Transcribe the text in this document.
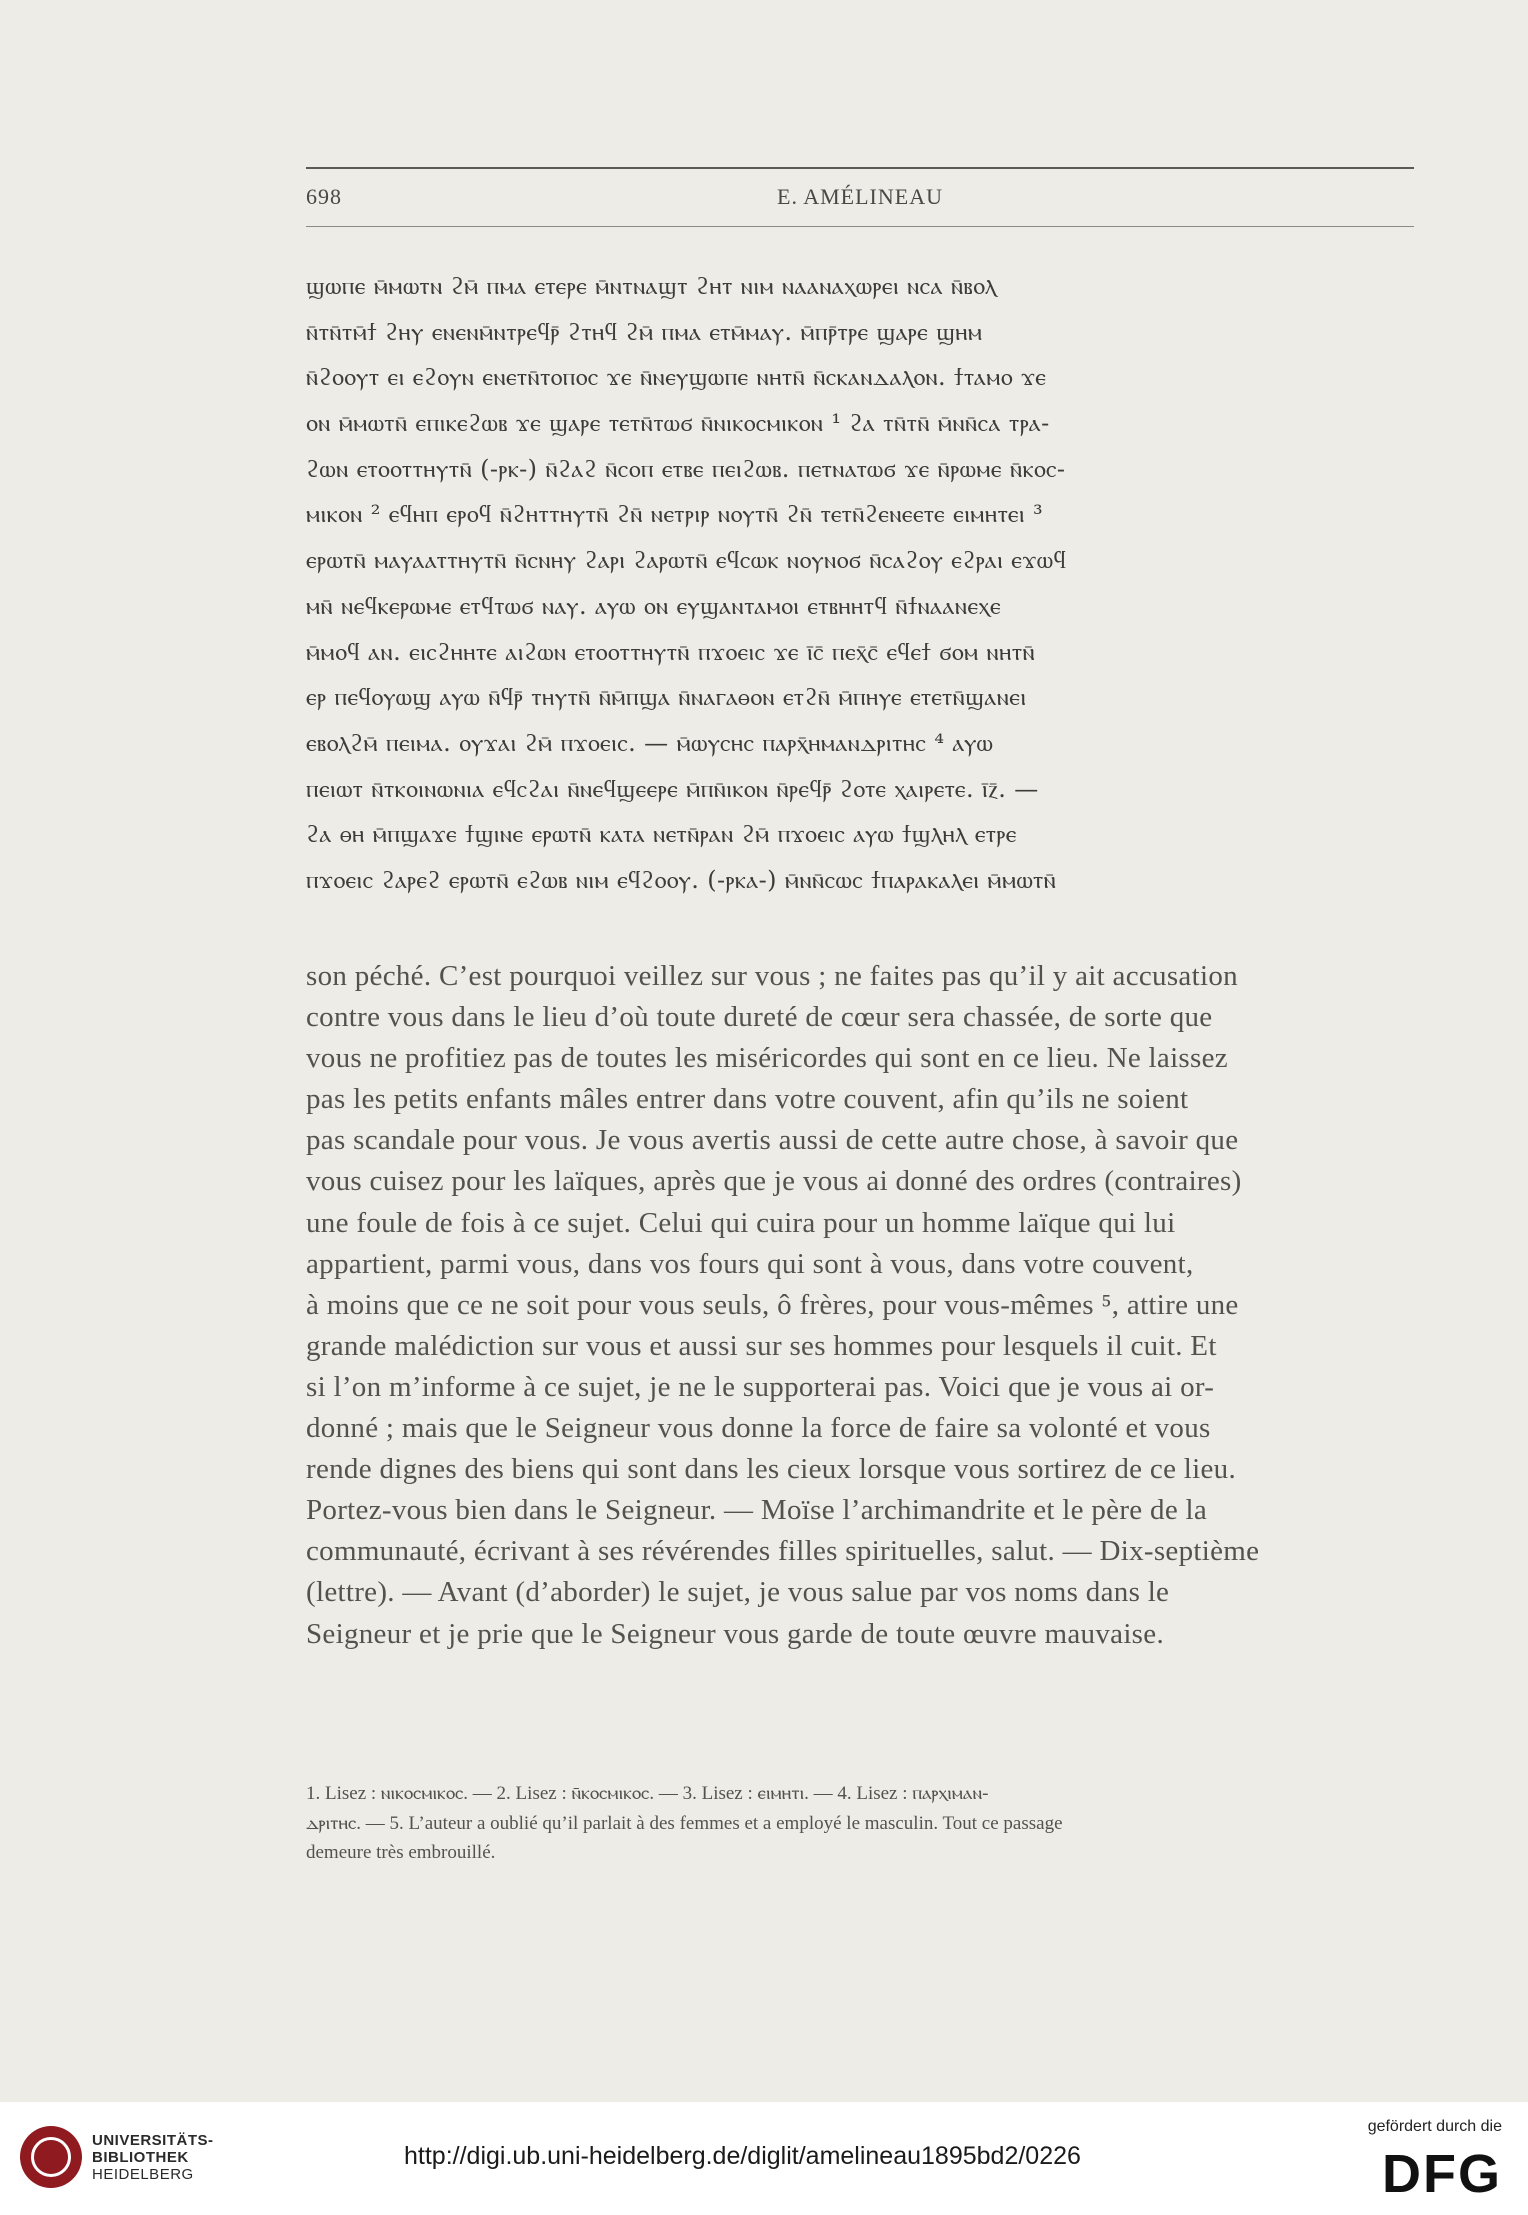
698	E. AMÉLINEAU
ϣⲱⲡⲉ ⲙ̄ⲙⲱⲧⲛ ϩⲙ̄ ⲡⲙⲁ ⲉⲧⲉⲣⲉ ⲙ̄ⲛⲧⲛⲁϣⲧ ϩⲏⲧ ⲛⲓⲙ ⲛⲁⲁⲛⲁⲭⲱⲣⲉⲓ ⲛⲥⲁ ⲛ̄ⲃⲟⲗ
ⲛ̄ⲧⲛ̄ⲧⲙ̄ϯ ϩⲏⲩ ⲉⲛⲉⲛⲙ̄ⲛⲧⲣⲉϥⲣ̄ ϩⲧⲏϥ ϩⲙ̄ ⲡⲙⲁ ⲉⲧⲙ̄ⲙⲁⲩ. ⲙ̄ⲡⲣ̄ⲧⲣⲉ ϣⲁⲣⲉ ϣⲏⲙ
ⲛ̄ϩⲟⲟⲩⲧ ⲉⲓ ⲉϩⲟⲩⲛ ⲉⲛⲉⲧⲛ̄ⲧⲟⲡⲟⲥ ϫⲉ ⲛ̄ⲛⲉⲩϣⲱⲡⲉ ⲛⲏⲧⲛ̄ ⲛ̄ⲥⲕⲁⲛⲇⲁⲗⲟⲛ. ϯⲧⲁⲙⲟ ϫⲉ
ⲟⲛ ⲙ̄ⲙⲱⲧⲛ̄ ⲉⲡⲓⲕⲉϩⲱⲃ ϫⲉ ϣⲁⲣⲉ ⲧⲉⲧⲛ̄ⲧⲱϭ ⲛ̄ⲛⲓⲕⲟⲥⲙⲓⲕⲟⲛ ¹ ϩⲁ ⲧⲛ̄ⲧⲛ̄ ⲙ̄ⲛⲛ̄ⲥⲁ ⲧⲣⲁ-
ϩⲱⲛ ⲉⲧⲟⲟⲧⲧⲏⲩⲧⲛ̄ (-ⲣⲕ-) ⲛ̄ϩⲁϩ ⲛ̄ⲥⲟⲡ ⲉⲧⲃⲉ ⲡⲉⲓϩⲱⲃ. ⲡⲉⲧⲛⲁⲧⲱϭ ϫⲉ ⲛ̄ⲣⲱⲙⲉ ⲛ̄ⲕⲟⲥ-
ⲙⲓⲕⲟⲛ ² ⲉϥⲏⲡ ⲉⲣⲟϥ ⲛ̄ϩⲏⲧⲧⲏⲩⲧⲛ̄ ϩⲛ̄ ⲛⲉⲧⲣⲓⲣ ⲛⲟⲩⲧⲛ̄ ϩⲛ̄ ⲧⲉⲧⲛ̄ϩⲉⲛⲉⲉⲧⲉ ⲉⲓⲙⲏⲧⲉⲓ ³
ⲉⲣⲱⲧⲛ̄ ⲙⲁⲩⲁⲁⲧⲧⲏⲩⲧⲛ̄ ⲛ̄ⲥⲛⲏⲩ ϩⲁⲣⲓ ϩⲁⲣⲱⲧⲛ̄ ⲉϥⲥⲱⲕ ⲛⲟⲩⲛⲟϭ ⲛ̄ⲥⲁϩⲟⲩ ⲉϩⲣⲁⲓ ⲉϫⲱϥ
ⲙⲛ̄ ⲛⲉϥⲕⲉⲣⲱⲙⲉ ⲉⲧϥⲧⲱϭ ⲛⲁⲩ. ⲁⲩⲱ ⲟⲛ ⲉⲩϣⲁⲛⲧⲁⲙⲟⲓ ⲉⲧⲃⲏⲏⲧϥ ⲛ̄ϯⲛⲁⲁⲛⲉⲭⲉ
ⲙ̄ⲙⲟϥ ⲁⲛ. ⲉⲓⲥϩⲏⲏⲧⲉ ⲁⲓϩⲱⲛ ⲉⲧⲟⲟⲧⲧⲏⲩⲧⲛ̄ ⲡϫⲟⲉⲓⲥ ϫⲉ ⲓ̄ⲥ̄ ⲡⲉⲭ̄ⲥ̄ ⲉϥⲉϯ ϭⲟⲙ ⲛⲏⲧⲛ̄
ⲉⲣ ⲡⲉϥⲟⲩⲱϣ ⲁⲩⲱ ⲛ̄ϥⲣ̄ ⲧⲏⲩⲧⲛ̄ ⲛ̄ⲙ̄ⲡϣⲁ ⲛ̄ⲛⲁⲅⲁⲑⲟⲛ ⲉⲧϩⲛ̄ ⲙ̄ⲡⲏⲩⲉ ⲉⲧⲉⲧⲛ̄ϣⲁⲛⲉⲓ
ⲉⲃⲟⲗϩⲙ̄ ⲡⲉⲓⲙⲁ. ⲟⲩϫⲁⲓ ϩⲙ̄ ⲡϫⲟⲉⲓⲥ. — ⲙ̄ⲱⲩⲥⲏⲥ ⲡⲁⲣⲭ̄ⲏⲙⲁⲛⲇⲣⲓⲧⲏⲥ ⁴ ⲁⲩⲱ
ⲡⲉⲓⲱⲧ ⲛ̄ⲧⲕⲟⲓⲛⲱⲛⲓⲁ ⲉϥⲥϩⲁⲓ ⲛ̄ⲛⲉϥϣⲉⲉⲣⲉ ⲙ̄ⲡⲛ̄ⲓⲕⲟⲛ ⲛ̄ⲣⲉϥⲣ̄ ϩⲟⲧⲉ ⲭⲁⲓⲣⲉⲧⲉ. ⲓ̄ⲍ̄. —
ϩⲁ ⲑⲏ ⲙ̄ⲡϣⲁϫⲉ ϯϣⲓⲛⲉ ⲉⲣⲱⲧⲛ̄ ⲕⲁⲧⲁ ⲛⲉⲧⲛ̄ⲣⲁⲛ ϩⲙ̄ ⲡϫⲟⲉⲓⲥ ⲁⲩⲱ ϯϣⲗⲏⲗ ⲉⲧⲣⲉ
ⲡϫⲟⲉⲓⲥ ϩⲁⲣⲉϩ ⲉⲣⲱⲧⲛ̄ ⲉϩⲱⲃ ⲛⲓⲙ ⲉϥϩⲟⲟⲩ. (-ⲣⲕⲁ-) ⲙ̄ⲛⲛ̄ⲥⲱⲥ ϯⲡⲁⲣⲁⲕⲁⲗⲉⲓ ⲙ̄ⲙⲱⲧⲛ̄
son péché. C’est pourquoi veillez sur vous ; ne faites pas qu’il y ait accusation
contre vous dans le lieu d’où toute dureté de cœur sera chassée, de sorte que
vous ne profitiez pas de toutes les miséricordes qui sont en ce lieu. Ne laissez
pas les petits enfants mâles entrer dans votre couvent, afin qu’ils ne soient
pas scandale pour vous. Je vous avertis aussi de cette autre chose, à savoir que
vous cuisez pour les laïques, après que je vous ai donné des ordres (contraires)
une foule de fois à ce sujet. Celui qui cuira pour un homme laïque qui lui
appartient, parmi vous, dans vos fours qui sont à vous, dans votre couvent,
à moins que ce ne soit pour vous seuls, ô frères, pour vous-mêmes ⁵, attire une
grande malédiction sur vous et aussi sur ses hommes pour lesquels il cuit. Et
si l’on m’informe à ce sujet, je ne le supporterai pas. Voici que je vous ai or-
donné ; mais que le Seigneur vous donne la force de faire sa volonté et vous
rende dignes des biens qui sont dans les cieux lorsque vous sortirez de ce lieu.
Portez-vous bien dans le Seigneur. — Moïse l’archimandrite et le père de la
communauté, écrivant à ses révérendes filles spirituelles, salut. — Dix-septième
(lettre). — Avant (d’aborder) le sujet, je vous salue par vos noms dans le
Seigneur et je prie que le Seigneur vous garde de toute œuvre mauvaise.
1. Lisez : ⲛⲓⲕⲟⲥⲙⲓⲕⲟⲥ. — 2. Lisez : ⲛ̄ⲕⲟⲥⲙⲓⲕⲟⲥ. — 3. Lisez : ⲉⲓⲙⲏⲧⲓ. — 4. Lisez : ⲡⲁⲣⲭⲓⲙⲁⲛ-
ⲇⲣⲓⲧⲏⲥ. — 5. L’auteur a oublié qu’il parlait à des femmes et a employé le masculin. Tout ce passage
demeure très embrouillé.
UNIVERSITÄTS-
BIBLIOTHEK
HEIDELBERG
http://digi.ub.uni-heidelberg.de/diglit/amelineau1895bd2/0226
gefördert durch die
DFG
